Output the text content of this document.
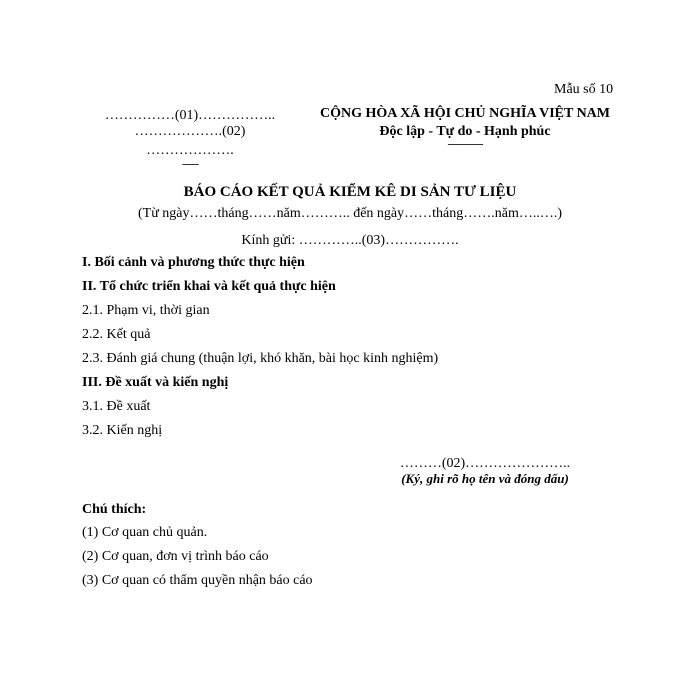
Mẫu số 10
……………(01)……………..
……………….(02)
……………….
-------
CỘNG HÒA XÃ HỘI CHỦ NGHĨA VIỆT NAM
Độc lập - Tự do - Hạnh phúc
---------------
BÁO CÁO KẾT QUẢ KIỂM KÊ DI SẢN TƯ LIỆU
(Từ ngày……tháng……năm……….. đến ngày……tháng…….năm…..….)
Kính gửi: …………..(03)…………….
I. Bối cảnh và phương thức thực hiện
II. Tổ chức triển khai và kết quả thực hiện
2.1. Phạm vi, thời gian
2.2. Kết quả
2.3. Đánh giá chung (thuận lợi, khó khăn, bài học kinh nghiệm)
III. Đề xuất và kiến nghị
3.1. Đề xuất
3.2. Kiến nghị
………(02)…………………..
(Ký, ghi rõ họ tên và đóng dấu)
Chú thích:
(1) Cơ quan chủ quản.
(2) Cơ quan, đơn vị trình báo cáo
(3) Cơ quan có thẩm quyền nhận báo cáo
